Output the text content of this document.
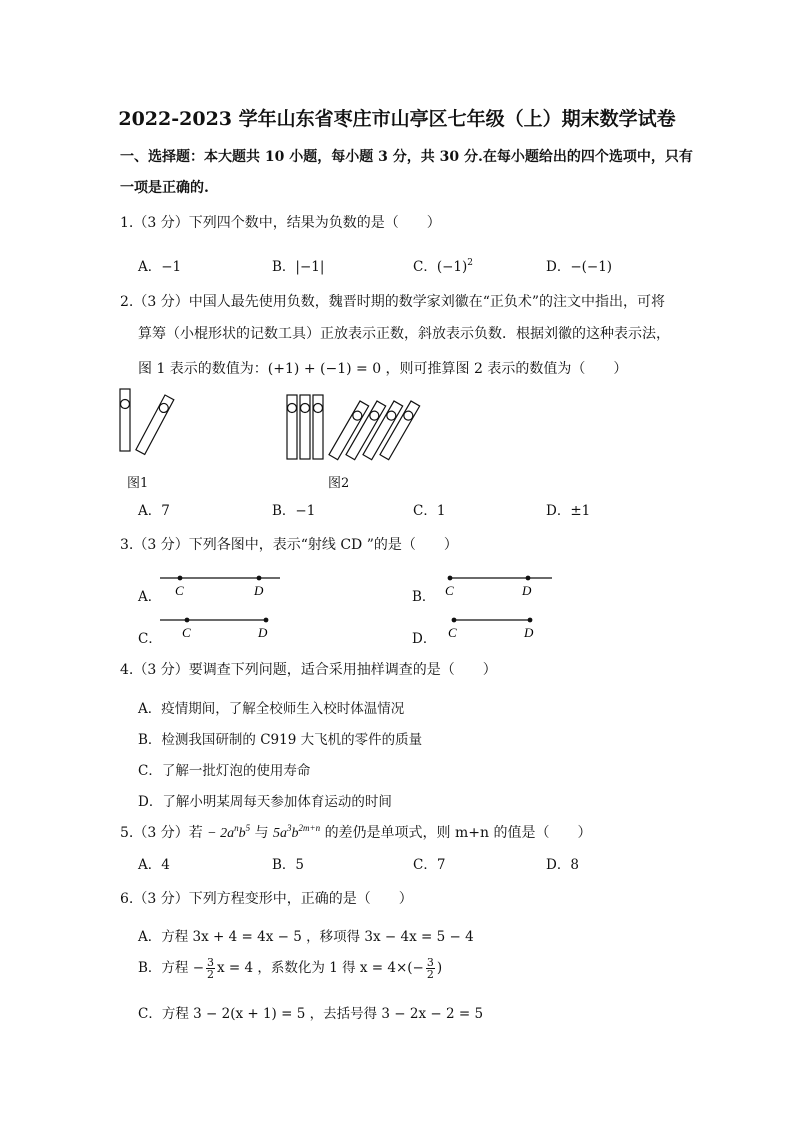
2022-2023 学年山东省枣庄市山亭区七年级（上）期末数学试卷
一、选择题：本大题共 10 小题，每小题 3 分，共 30 分.在每小题给出的四个选项中，只有
一项是正确的.
1.（3 分）下列四个数中，结果为负数的是（　　）
A．−1	B．|−1|	C．$(-1)^2$	D．−(−1)
2.（3 分）中国人最先使用负数，魏晋时期的数学家刘徽在“正负术”的注文中指出，可将
算筹（小棍形状的记数工具）正放表示正数，斜放表示负数．根据刘徽的这种表示法，
图 1 表示的数值为：(+1) + (−1) = 0 ，则可推算图 2 表示的数值为（　　）
图1	图2
A．7	B．−1	C．1	D．±1
3.（3 分）下列各图中，表示“射线 CD ”的是（　　）
A． C	D	B． C	D
C． C	D	D． C	D
4.（3 分）要调查下列问题，适合采用抽样调查的是（　　）
A．疫情期间，了解全校师生入校时体温情况
B．检测我国研制的 C919 大飞机的零件的质量
C．了解一批灯泡的使用寿命
D．了解小明某周每天参加体育运动的时间
5.（3 分）若 − $2a^nb^5$ 与 $5a^3b^{2m+n}$ 的差仍是单项式，则 m+n 的值是（　　）
A．4	B．5	C．7	D．8
6.（3 分）下列方程变形中，正确的是（　　）
A．方程 3x + 4 = 4x − 5 ，移项得 3x − 4x = 5 − 4
B．方程 − $\frac{3}{2}$ x = 4 ，系数化为 1 得 $x = 4\times(- \frac{3}{2}$ )
C．方程 3 − 2(x + 1) = 5 ，去括号得 3 − 2x − 2 = 5
